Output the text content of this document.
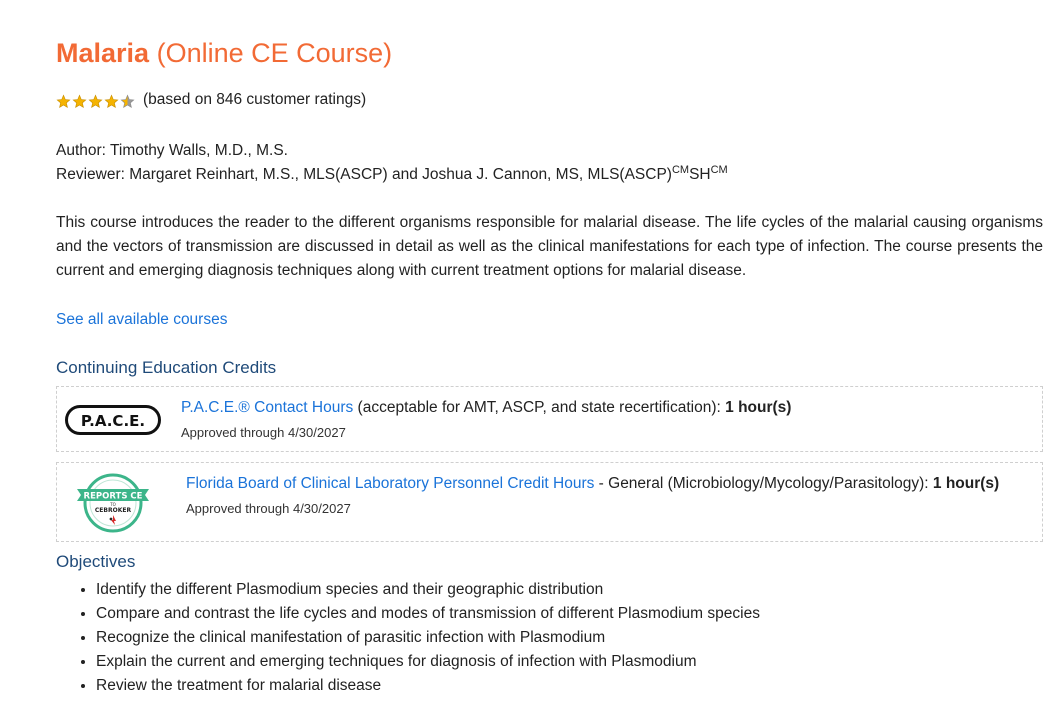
Malaria (Online CE Course)
(based on 846 customer ratings)
Author: Timothy Walls, M.D., M.S.
Reviewer: Margaret Reinhart, M.S., MLS(ASCP) and Joshua J. Cannon, MS, $MLS(ASCP)^{CM}SH^{CM}$

This course introduces the reader to the different organisms responsible for malarial disease. The life cycles of the malarial causing organisms and the vectors of transmission are discussed in detail as well as the clinical manifestations for each type of infection. The course presents the current and emerging diagnosis techniques along with current treatment options for malarial disease.

See all available courses
Continuing Education Credits
P.A.C.E.
P.A.C.E.® Contact Hours (acceptable for AMT, ASCP, and state recertification): 1 hour(s)
Approved through 4/30/2027
REPORTS CE
TO
CEBROKER
Florida Board of Clinical Laboratory Personnel Credit Hours - General (Microbiology/Mycology/Parasitology): 1 hour(s)
Approved through 4/30/2027
Objectives
• Identify the different Plasmodium species and their geographic distribution
• Compare and contrast the life cycles and modes of transmission of different Plasmodium species
• Recognize the clinical manifestation of parasitic infection with Plasmodium
• Explain the current and emerging techniques for diagnosis of infection with Plasmodium
• Review the treatment for malarial disease
